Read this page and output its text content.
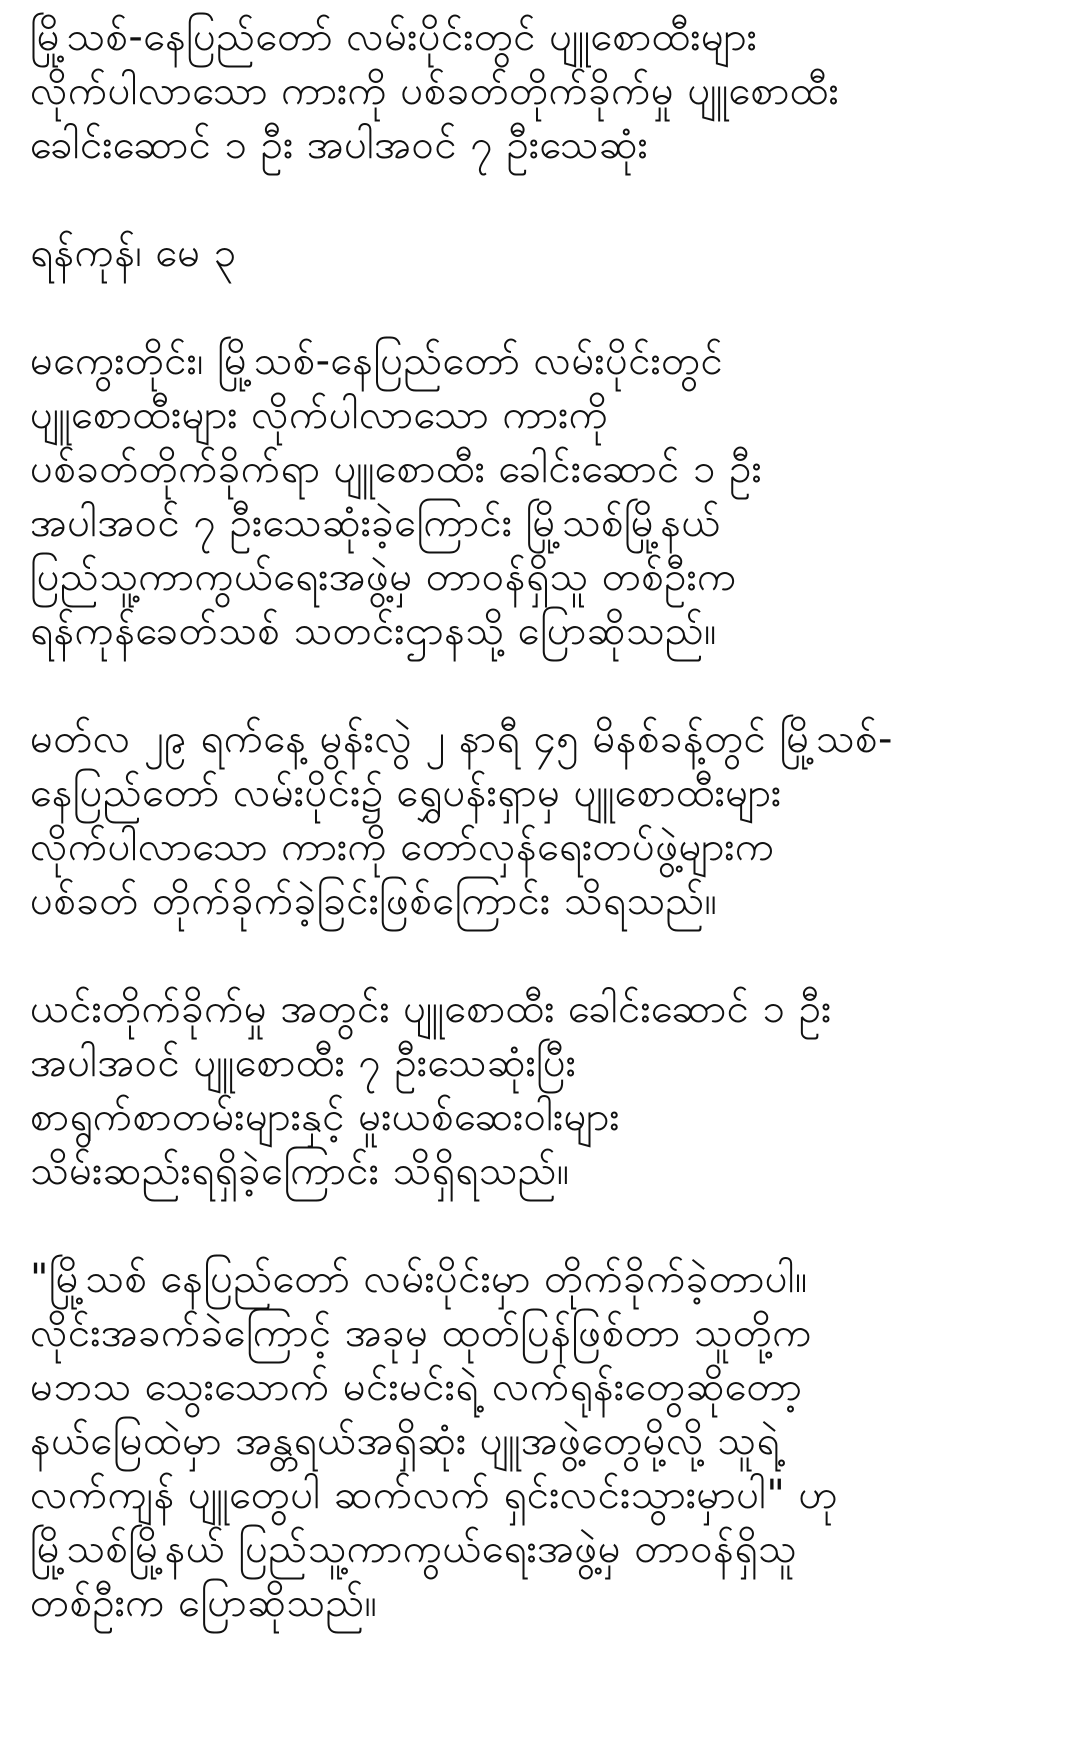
မြို့သစ်-နေပြည်တော် လမ်းပိုင်းတွင် ပျူစောထီးများ
လိုက်ပါလာသော ကားကို ပစ်ခတ်တိုက်ခိုက်မှု ပျူစောထီး
ခေါင်းဆောင် ၁ ဦး အပါအဝင် ၇ ဦးသေဆုံး
ရန်ကုန်၊ မေ ၃
မကွေးတိုင်း၊ မြို့သစ်-နေပြည်တော် လမ်းပိုင်းတွင်
ပျူစောထီးများ လိုက်ပါလာသော ကားကို
ပစ်ခတ်တိုက်ခိုက်ရာ ပျူစောထီး ခေါင်းဆောင် ၁ ဦး
အပါအဝင် ၇ ဦးသေဆုံးခဲ့ကြောင်း မြို့သစ်မြို့နယ်
ပြည်သူ့ကာကွယ်ရေးအဖွဲ့မှ တာဝန်ရှိသူ တစ်ဦးက
ရန်ကုန်ခေတ်သစ် သတင်းဌာနသို့ ပြောဆိုသည်။
မတ်လ ၂၉ ရက်နေ့ မွန်းလွဲ ၂ နာရီ ၄၅ မိနစ်ခန့်တွင် မြို့သစ်-
နေပြည်တော် လမ်းပိုင်း၌ ရွှေပန်းရှာမှ ပျူစောထီးများ
လိုက်ပါလာသော ကားကို တော်လှန်ရေးတပ်ဖွဲ့များက
ပစ်ခတ် တိုက်ခိုက်ခဲ့ခြင်းဖြစ်ကြောင်း သိရသည်။
ယင်းတိုက်ခိုက်မှု အတွင်း ပျူစောထီး ခေါင်းဆောင် ၁ ဦး
အပါအဝင် ပျူစောထီး ၇ ဦးသေဆုံးပြီး
စာရွက်စာတမ်းများနှင့် မူးယစ်ဆေးဝါးများ
သိမ်းဆည်းရရှိခဲ့ကြောင်း သိရှိရသည်။
"မြို့သစ် နေပြည်တော် လမ်းပိုင်းမှာ တိုက်ခိုက်ခဲ့တာပါ။
လိုင်းအခက်ခဲကြောင့် အခုမှ ထုတ်ပြန်ဖြစ်တာ သူတို့က
မဘသ သွေးသောက် မင်းမင်းရဲ့ လက်ရုန်းတွေဆိုတော့
နယ်မြေထဲမှာ အန္တရယ်အရှိဆုံး ပျူအဖွဲ့တွေမို့လို့ သူရဲ့
လက်ကျန် ပျူတွေပါ ဆက်လက် ရှင်းလင်းသွားမှာပါ" ဟု
မြို့သစ်မြို့နယ် ပြည်သူ့ကာကွယ်ရေးအဖွဲ့မှ တာဝန်ရှိသူ
တစ်ဦးက ပြောဆိုသည်။
